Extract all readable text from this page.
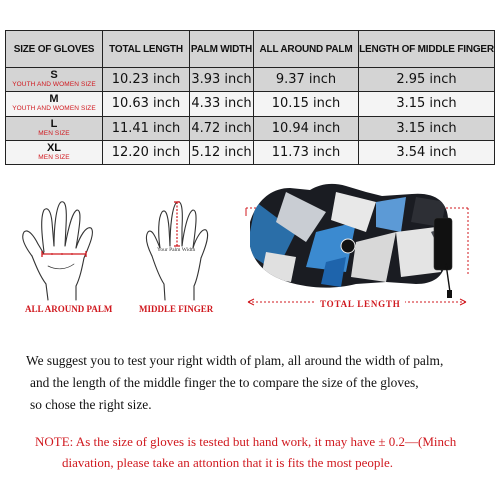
SIZE OF GLOVES	TOTAL LENGTH	PALM WIDTH	ALL AROUND PALM	LENGTH OF MIDDLE FINGER

S
YOUTH AND WOMEN SIZE	10.23 inch	3.93 inch	9.37 inch	2.95 inch

M
YOUTH AND WOMEN SIZE	10.63 inch	4.33 inch	10.15 inch	3.15 inch

L
MEN SIZE	11.41 inch	4.72 inch	10.94 inch	3.15 inch

XL
MEN SIZE	12.20 inch	5.12 inch	11.73 inch	3.54 inch
ALL AROUND PALM
Your Palm Width
MIDDLE FINGER	TOTAL LENGTH
We suggest you to test your right width of plam, all around the width of palm,
and the length of the middle finger the to compare the size of the gloves,
so chose the right size.
NOTE: As the size of gloves is tested but hand work, it may have ± 0.2—(Minch
diavation, please take an attontion that it is fits the most people.
